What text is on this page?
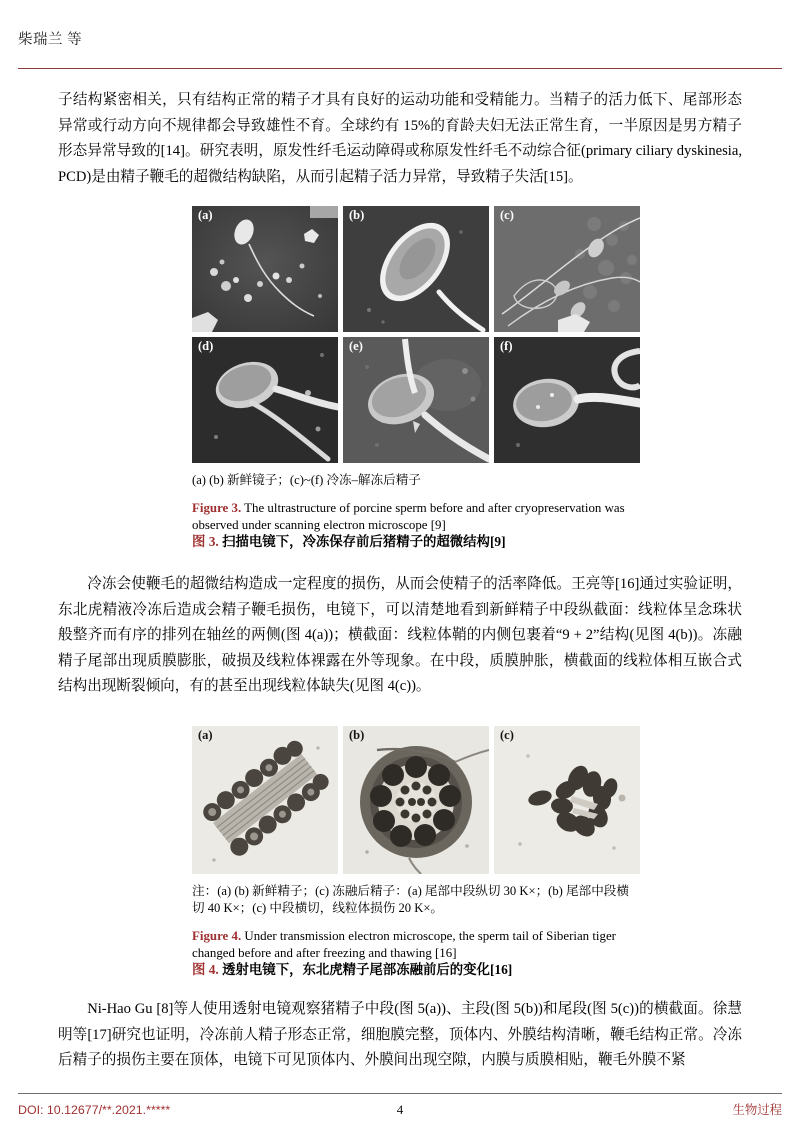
柴瑞兰 等
子结构紧密相关，只有结构正常的精子才具有良好的运动功能和受精能力。当精子的活力低下、尾部形态异常或行动方向不规律都会导致雄性不育。全球约有 15%的育龄夫妇无法正常生育，一半原因是男方精子形态异常导致的[14]。研究表明，原发性纤毛运动障碍或称原发性纤毛不动综合征(primary ciliary dyskinesia, PCD)是由精子鞭毛的超微结构缺陷，从而引起精子活力异常，导致精子失活[15]。
(a)	(b)	(c)
(d)	(e)	(f)
(a) (b) 新鲜镜子；(c)~(f) 冷冻‒解冻后精子
Figure 3. The ultrastructure of porcine sperm before and after cryopreservation was observed under scanning electron microscope [9]
图 3. 扫描电镜下，冷冻保存前后猪精子的超微结构[9]
冷冻会使鞭毛的超微结构造成一定程度的损伤，从而会使精子的活率降低。王亮等[16]通过实验证明，东北虎精液冷冻后造成会精子鞭毛损伤，电镜下，可以清楚地看到新鲜精子中段纵截面：线粒体呈念珠状般整齐而有序的排列在轴丝的两侧(图 4(a))；横截面：线粒体鞘的内侧包裹着“9 + 2”结构(见图 4(b))。冻融精子尾部出现质膜膨胀，破损及线粒体裸露在外等现象。在中段，质膜肿胀，横截面的线粒体相互嵌合式结构出现断裂倾向，有的甚至出现线粒体缺失(见图 4(c))。
(a)	(b)	(c)
注：(a) (b) 新鲜精子；(c) 冻融后精子：(a) 尾部中段纵切 30 K×；(b) 尾部中段横切 40 K×；(c) 中段横切，线粒体损伤 20 K×。
Figure 4. Under transmission electron microscope, the sperm tail of Siberian tiger changed before and after freezing and thawing [16]
图 4. 透射电镜下，东北虎精子尾部冻融前后的变化[16]
Ni-Hao Gu [8]等人使用透射电镜观察猪精子中段(图 5(a))、主段(图 5(b))和尾段(图 5(c))的横截面。徐慧明等[17]研究也证明，冷冻前人精子形态正常，细胞膜完整，顶体内、外膜结构清晰，鞭毛结构正常。冷冻后精子的损伤主要在顶体，电镜下可见顶体内、外膜间出现空隙，内膜与质膜相贴，鞭毛外膜不紧
DOI: 10.12677/**.2021.*****	4	生物过程
